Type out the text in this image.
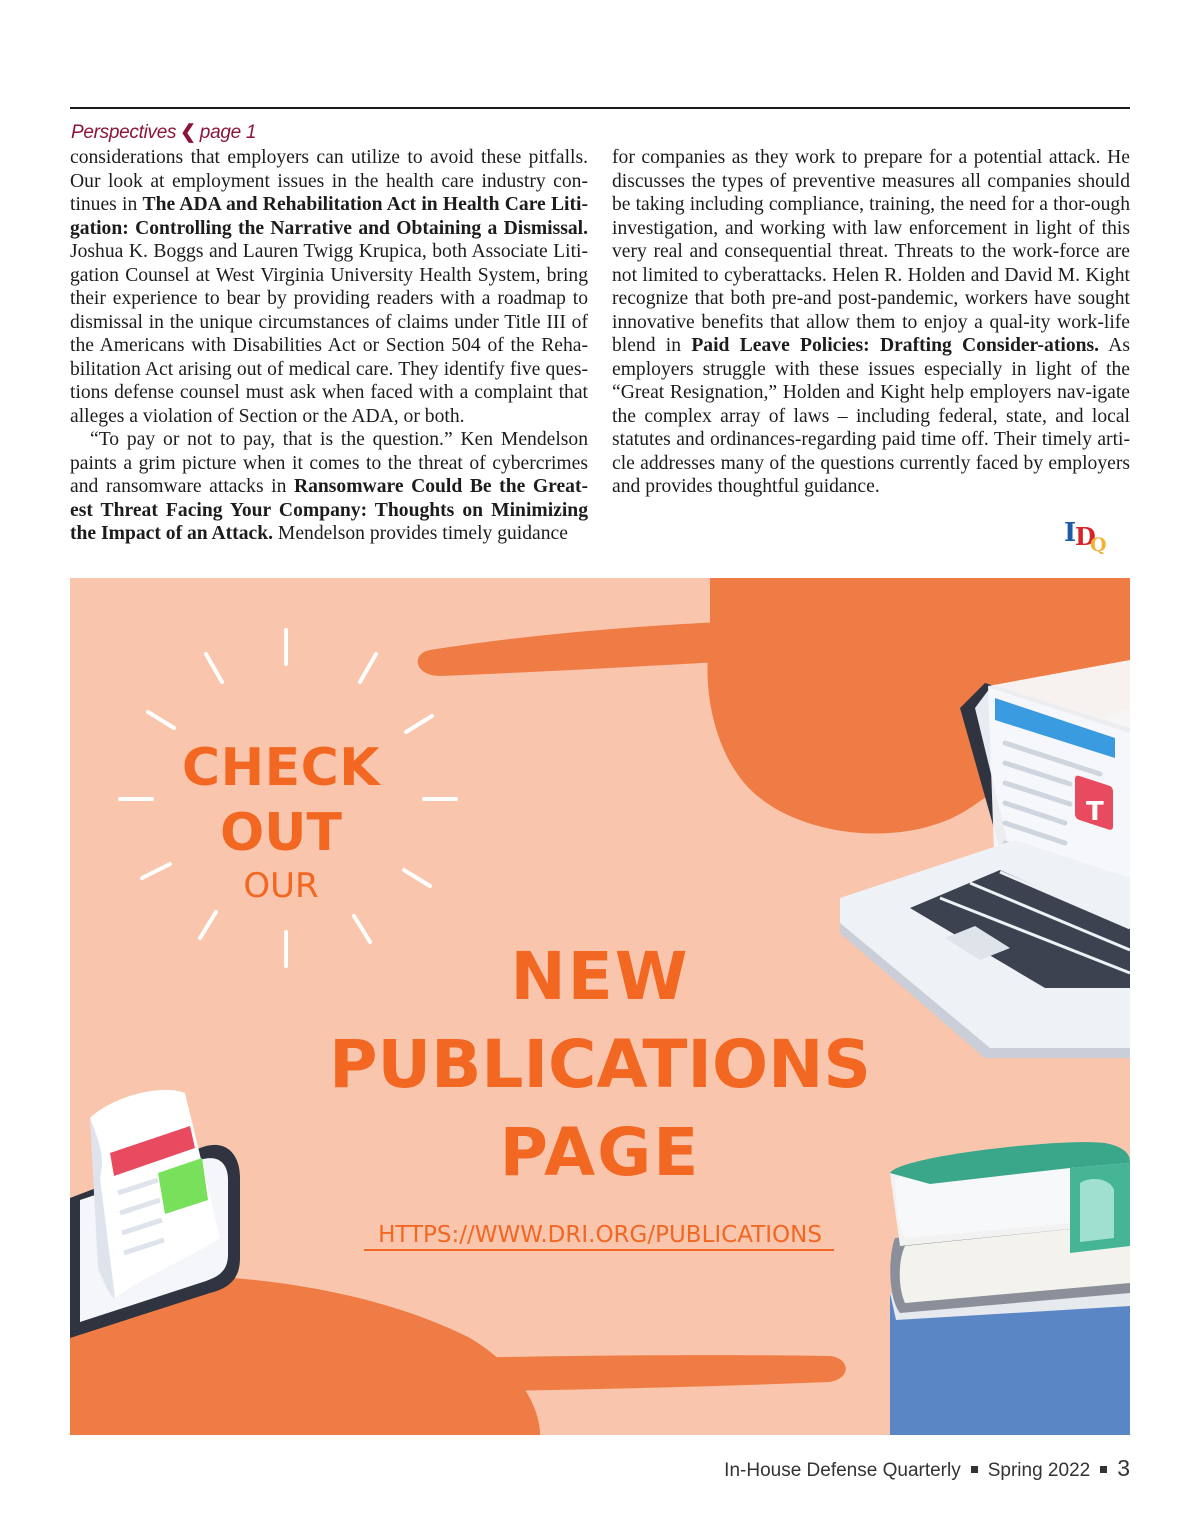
Perspectives ❮ page 1

considerations that employers can utilize to avoid these pitfalls. Our look at employment issues in the health care industry con-tinues in The ADA and Rehabilitation Act in Health Care Liti-gation: Controlling the Narrative and Obtaining a Dismissal. Joshua K. Boggs and Lauren Twigg Krupica, both Associate Liti-gation Counsel at West Virginia University Health System, bring their experience to bear by providing readers with a roadmap to dismissal in the unique circumstances of claims under Title III of the Americans with Disabilities Act or Section 504 of the Reha-bilitation Act arising out of medical care. They identify five ques-tions defense counsel must ask when faced with a complaint that alleges a violation of Section or the ADA, or both.

“To pay or not to pay, that is the question.” Ken Mendelson paints a grim picture when it comes to the threat of cybercrimes and ransomware attacks in Ransomware Could Be the Great-est Threat Facing Your Company: Thoughts on Minimizing the Impact of an Attack. Mendelson provides timely guidance

for companies as they work to prepare for a potential attack. He discusses the types of preventive measures all companies should be taking including compliance, training, the need for a thor-ough investigation, and working with law enforcement in light of this very real and consequential threat. Threats to the work-force are not limited to cyberattacks. Helen R. Holden and David M. Kight recognize that both pre-and post-pandemic, workers have sought innovative benefits that allow them to enjoy a qual-ity work-life blend in Paid Leave Policies: Drafting Consider-ations. As employers struggle with these issues especially in light of the “Great Resignation,” Holden and Kight help employers nav-igate the complex array of laws – including federal, state, and local statutes and ordinances-regarding paid time off. Their timely arti-cle addresses many of the questions currently faced by employers and provides thoughtful guidance.

I
D
Q
T

CHECK

OUT

OUR

NEW

PUBLICATIONS

PAGE

HTTPS://WWW.DRI.ORG/PUBLICATIONS

In-House Defense Quarterly Spring 2022 3
